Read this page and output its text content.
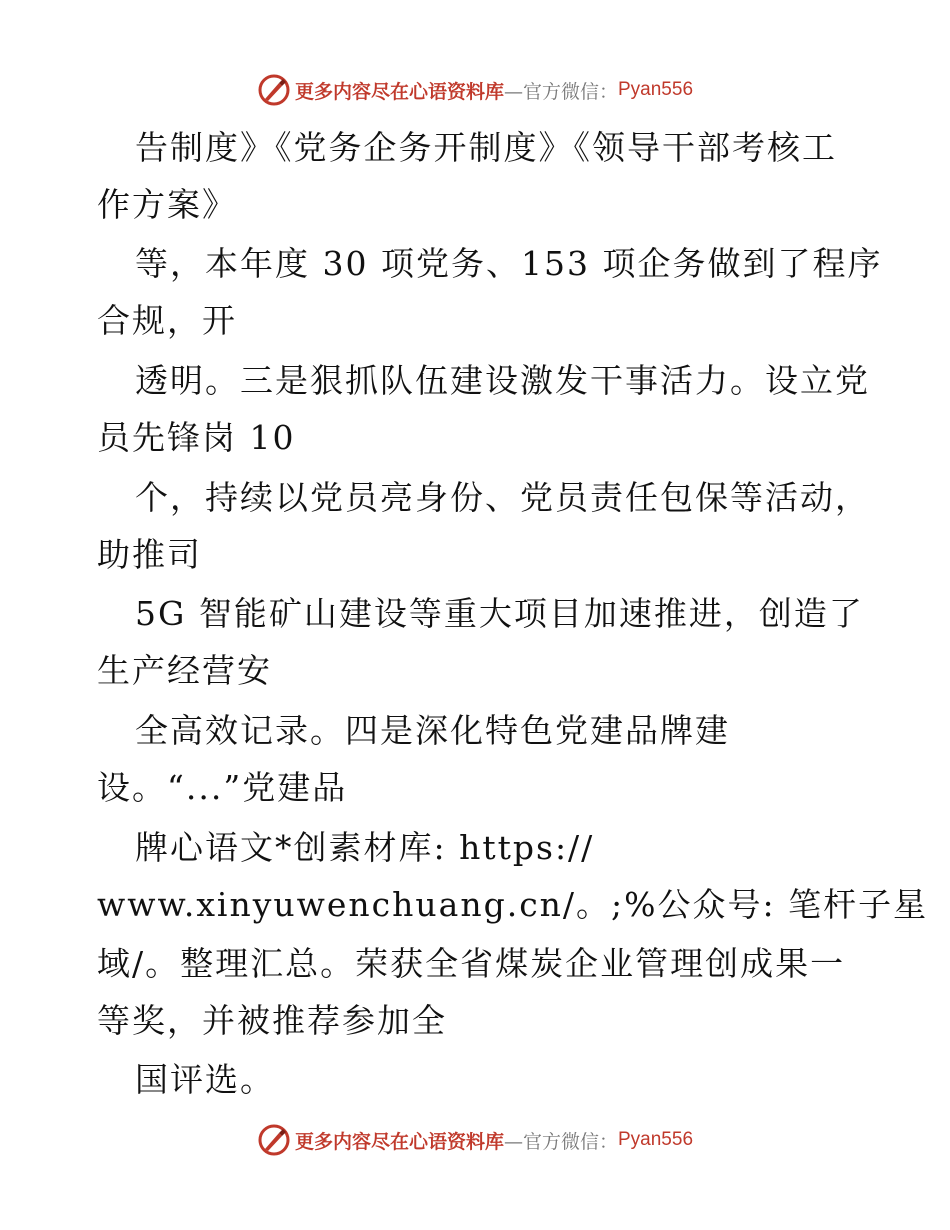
更多内容尽在心语资料库 —官方微信： Pyan556
告制度》《党务企务开制度》《领导干部考核工
作方案》
等，本年度 30 项党务、153 项企务做到了程序
合规，开
透明。三是狠抓队伍建设激发干事活力。设立党
员先锋岗 10
个，持续以党员亮身份、党员责任包保等活动，
助推司
5G 智能矿山建设等重大项目加速推进，创造了
生产经营安
全高效记录。四是深化特色党建品牌建
设。“...”党建品
牌心语文*创素材库: https://
www.xinyuwenchuang.cn/。;%公众号: 笔杆子星
域/。整理汇总。荣获全省煤炭企业管理创成果一
等奖，并被推荐参加全
国评选。
更多内容尽在心语资料库 —官方微信： Pyan556
